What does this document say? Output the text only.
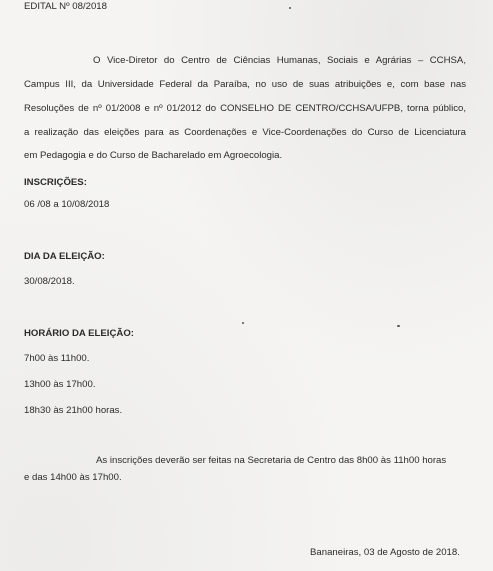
EDITAL Nº 08/2018
O Vice-Diretor do Centro de Ciências Humanas, Sociais e Agrárias – CCHSA,
Campus III, da Universidade Federal da Paraíba, no uso de suas atribuições e, com base nas
Resoluções de nº 01/2008 e nº 01/2012 do CONSELHO DE CENTRO/CCHSA/UFPB, torna público,
a realização das eleições para as Coordenações e Vice-Coordenações do Curso de Licenciatura
em Pedagogia e do Curso de Bacharelado em Agroecologia.
INSCRIÇÕES:
06 /08 a 10/08/2018
DIA DA ELEIÇÃO:
30/08/2018.
HORÁRIO DA ELEIÇÃO:
7h00 às 11h00.
13h00 às 17h00.
18h30 às 21h00 horas.
As inscrições deverão ser feitas na Secretaria de Centro das 8h00 às 11h00 horas
e das 14h00 às 17h00.
Bananeiras, 03 de Agosto de 2018.
